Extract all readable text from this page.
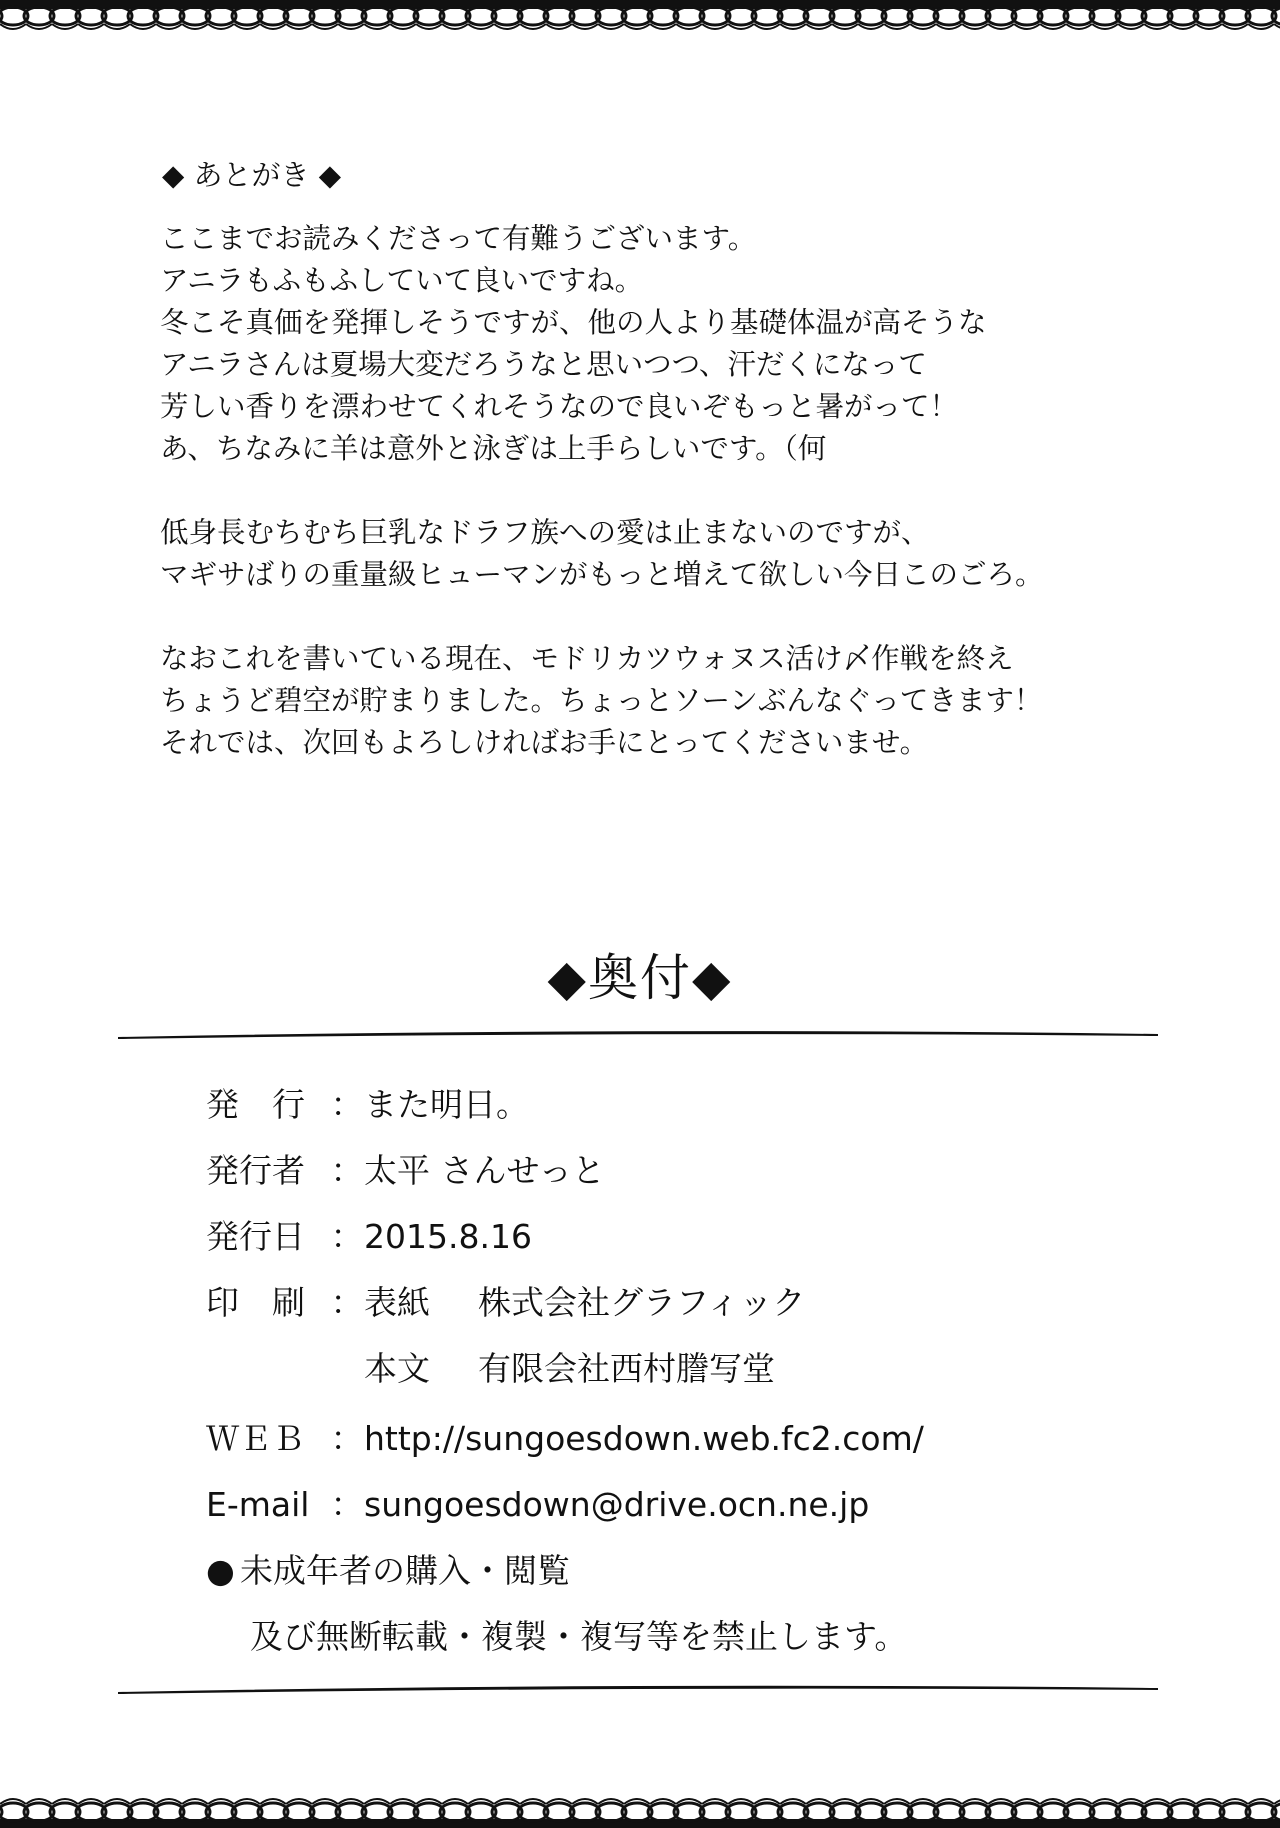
◆ あとがき ◆
ここまでお読みくださって有難うございます。
アニラもふもふしていて良いですね。
冬こそ真価を発揮しそうですが、他の人より基礎体温が高そうな
アニラさんは夏場大変だろうなと思いつつ、汗だくになって
芳しい香りを漂わせてくれそうなので良いぞもっと暑がって！
あ、ちなみに羊は意外と泳ぎは上手らしいです。（何
低身長むちむち巨乳なドラフ族への愛は止まないのですが、
マギサばりの重量級ヒューマンがもっと増えて欲しい今日このごろ。
なおこれを書いている現在、モドリカツウォヌス活け〆作戦を終え
ちょうど碧空が貯まりました。ちょっとソーンぶんなぐってきます！
それでは、次回もよろしければお手にとってくださいませ。
◆奥付◆
発　行 ： また明日。
発行者 ： 太平 さんせっと
発行日 ： 2015.8.16
印　刷 ： 表紙	株式会社グラフィック
本文	有限会社西村謄写堂
ＷＥＢ ： http://sungoesdown.web.fc2.com/
E-mail ： sungoesdown@drive.ocn.ne.jp
● 未成年者の購入・閲覧
及び無断転載・複製・複写等を禁止します。
